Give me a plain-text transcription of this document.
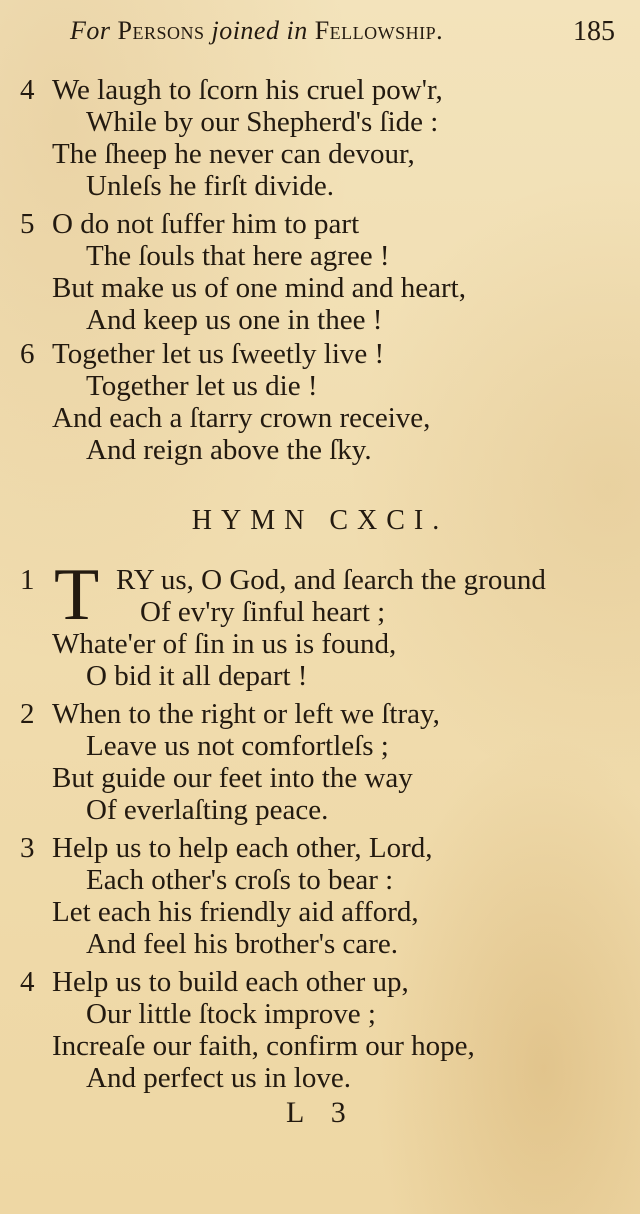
For Persons joined in Fellowship.	185
4 We laugh to ſcorn his cruel pow'r,
While by our Shepherd's ſide :
The ſheep he never can devour,
Unleſs he firſt divide.
5 O do not ſuffer him to part
The ſouls that here agree !
But make us of one mind and heart,
And keep us one in thee !
6 Together let us ſweetly live !
Together let us die !
And each a ſtarry crown receive,
And reign above the ſky.
HYMN CXCI.
1 T RY us, O God, and ſearch the ground
Of ev'ry ſinful heart ;
Whate'er of ſin in us is found,
O bid it all depart !
2 When to the right or left we ſtray,
Leave us not comfortleſs ;
But guide our feet into the way
Of everlaſting peace.
3 Help us to help each other, Lord,
Each other's croſs to bear :
Let each his friendly aid afford,
And feel his brother's care.
4 Help us to build each other up,
Our little ſtock improve ;
Increaſe our faith, confirm our hope,
And perfect us in love.
L 3
